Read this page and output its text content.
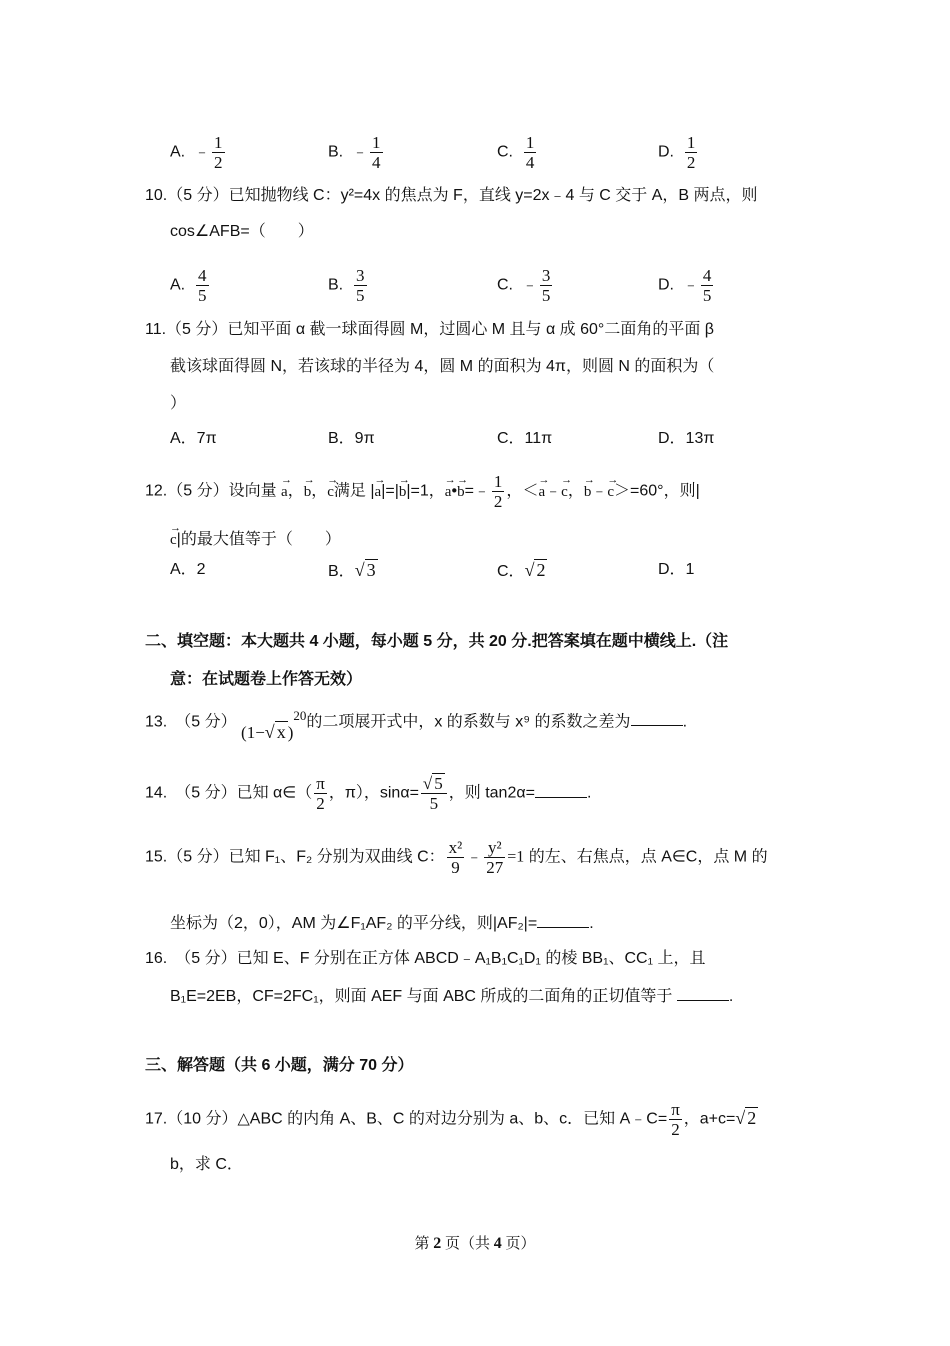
A. ﹣ $\frac{1}{2}$	B. ﹣ $\frac{1}{4}$	C. $\frac{1}{4}$	D. $\frac{1}{2}$
10.（5 分）已知抛物线 C：y²=4x 的焦点为 F，直线 y=2x﹣4 与 C 交于 A，B 两点，则
cos∠AFB=（　　）
A. $\frac{4}{5}$	B. $\frac{3}{5}$	C. ﹣ $\frac{3}{5}$	D. ﹣ $\frac{4}{5}$
11.（5 分）已知平面 α 截一球面得圆 M，过圆心 M 且与 α 成 60°二面角的平面 β
截该球面得圆 N，若该球的半径为 4，圆 M 的面积为 4π，则圆 N 的面积为（
）
A．7π	B．9π	C．11π	D．13π
12.（5 分）设向量 → a，→ b，→ c满足 |→ a|=|→ b|=1，→ a•→ b=﹣ $\frac{1}{2}$ ，＜→ a﹣→ c，→ b﹣→ c＞=60°，则|
→ c|的最大值等于（　　）
A．2	B．√ 3	C．√ 2	D．1
二、填空题：本大题共 4 小题，每小题 5 分，共 20 分.把答案填在题中横线上.（注
意：在试题卷上作答无效）
13.　（5 分） (1−√ x )$^{20}$的二项展开式中，x 的系数与 x⁹ 的系数之差为	.
14.　（5 分）已知 α∈（ $\frac{\pi}{2}$ ，π），$\sin\alpha= \frac{√ 5}{5}$ ，则 tan2α=	.
15.（5 分）已知 F₁、F₂ 分别为双曲线 C： $\frac{\text{x²}}{9}$ ﹣ $\frac{\text{y²}}{27} =1$ 的左、右焦点，点 A∈C，点 M 的
坐标为（2，0），AM 为∠F₁AF₂ 的平分线，则|AF₂|=	.
16.　（5 分）已知 E、F 分别在正方体 ABCD﹣A₁B₁C₁D₁ 的棱 BB₁、CC₁ 上，且
B₁E=2EB，CF=2FC₁，则面 AEF 与面 ABC 所成的二面角的正切值等于	.
三、解答题（共 6 小题，满分 70 分）
17.（10 分）△ABC 的内角 A、B、C 的对边分别为 a、b、c．已知 A﹣C= $\frac{\pi}{2}$ ，a+c=√ 2
b，求 C．
第 2 页（共 4 页）
